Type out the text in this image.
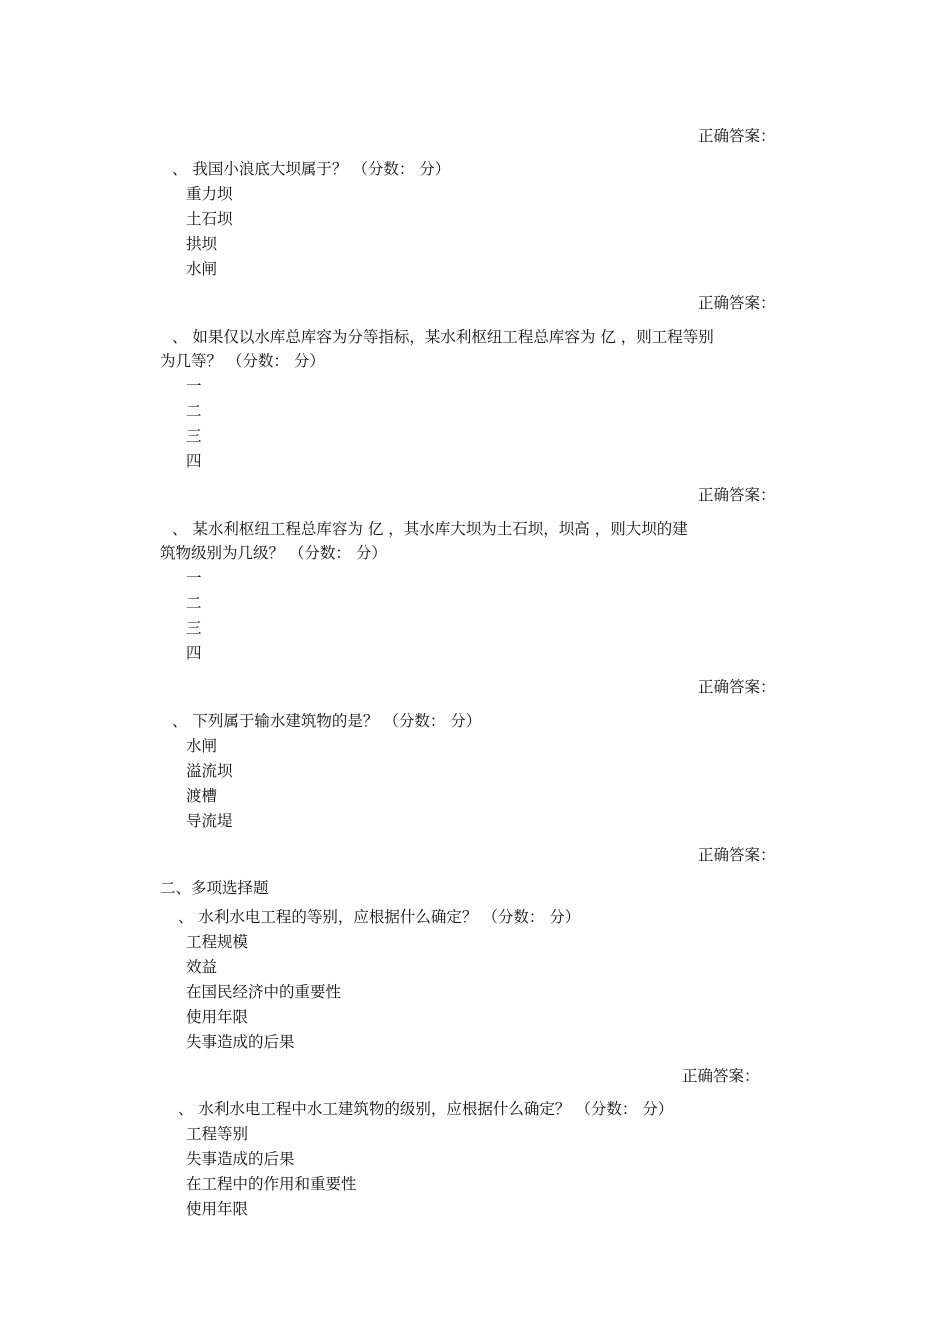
正确答案：
、 我国小浪底大坝属于？ （分数： 分）
重力坝
土石坝
拱坝
水闸
正确答案：
、 如果仅以水库总库容为分等指标，某水利枢纽工程总库容为 亿 ，则工程等别
为几等？ （分数： 分）
一
二
三
四
正确答案：
、 某水利枢纽工程总库容为 亿 ，其水库大坝为土石坝，坝高 ，则大坝的建
筑物级别为几级？ （分数： 分）
一
二
三
四
正确答案：
、 下列属于输水建筑物的是？ （分数： 分）
水闸
溢流坝
渡槽
导流堤
正确答案：
二、多项选择题
、 水利水电工程的等别，应根据什么确定？ （分数： 分）
工程规模
效益
在国民经济中的重要性
使用年限
失事造成的后果
正确答案：
、 水利水电工程中水工建筑物的级别，应根据什么确定？ （分数： 分）
工程等别
失事造成的后果
在工程中的作用和重要性
使用年限
